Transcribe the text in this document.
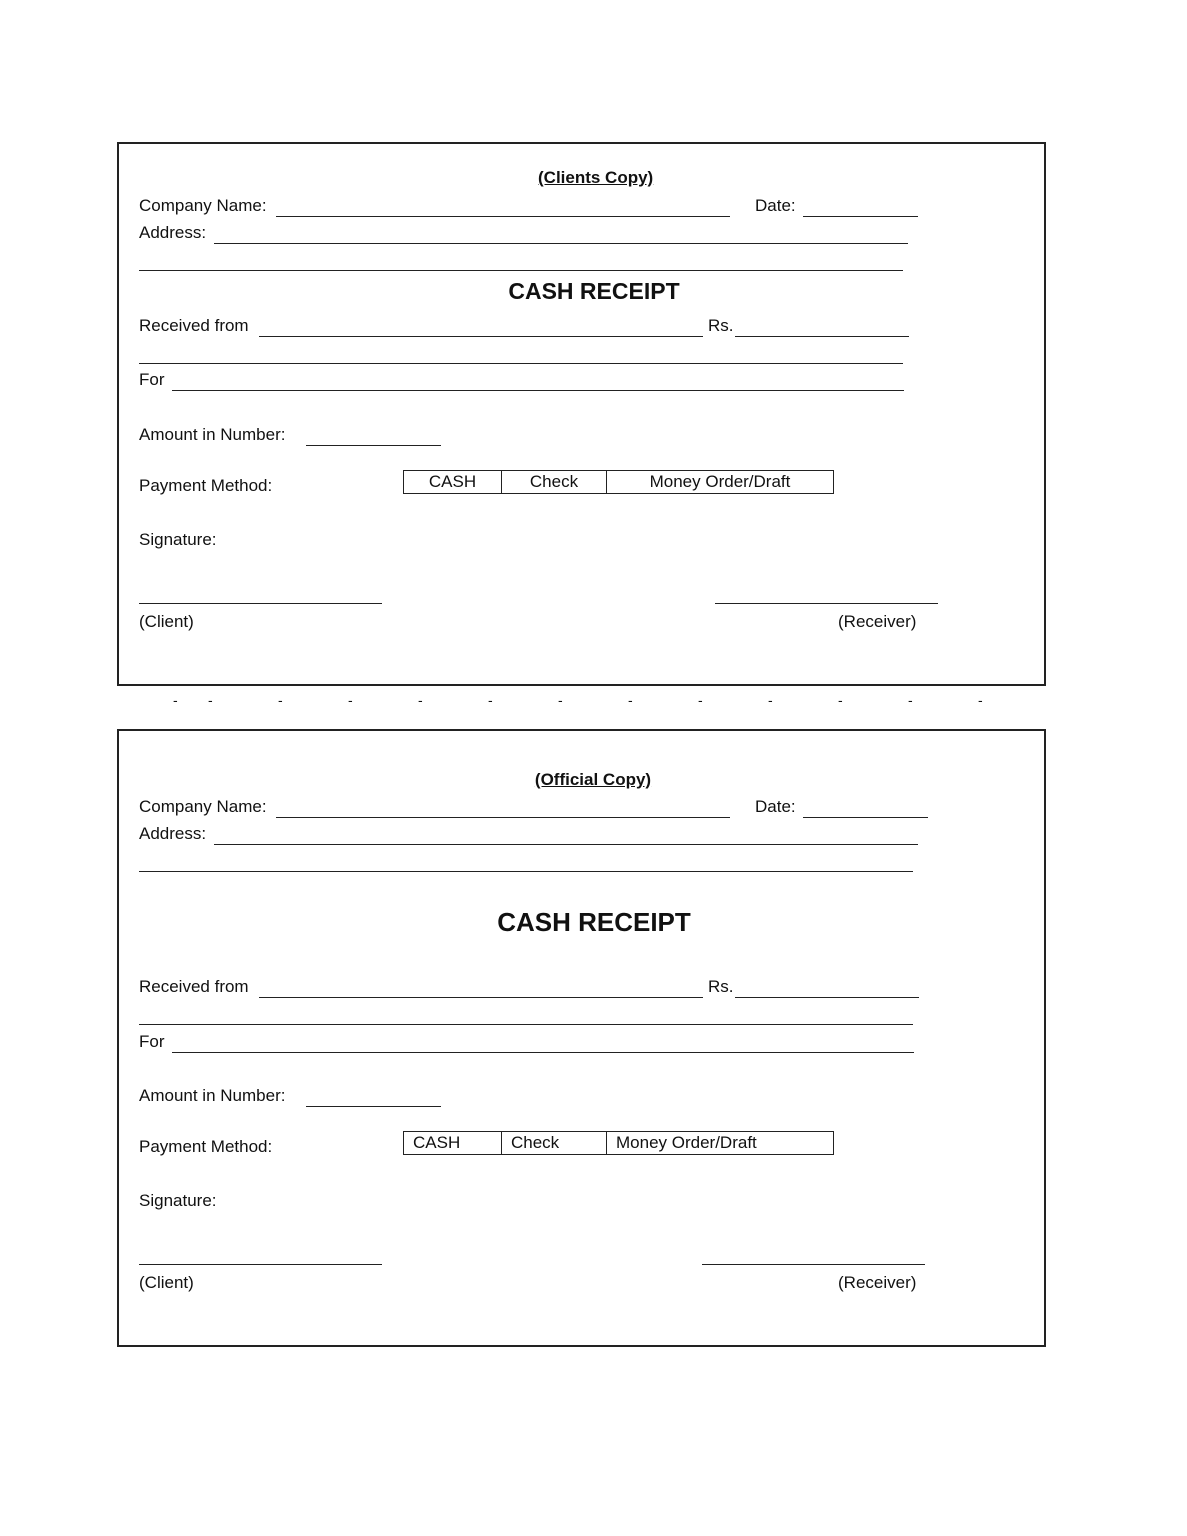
(Clients Copy)
Company Name:	Date:
Address:
CASH RECEIPT
Received from	Rs.
For
Amount in Number:
Payment Method:	CASH	Check	Money Order/Draft
Signature:
(Client)	(Receiver)
- -	-	-	-	-	-	-	-	-	-	-	-
(Official Copy)
Company Name:	Date:
Address:
CASH RECEIPT
Received from	Rs.
For
Amount in Number:
Payment Method:	CASH	Check	Money Order/Draft
Signature:
(Client)	(Receiver)
